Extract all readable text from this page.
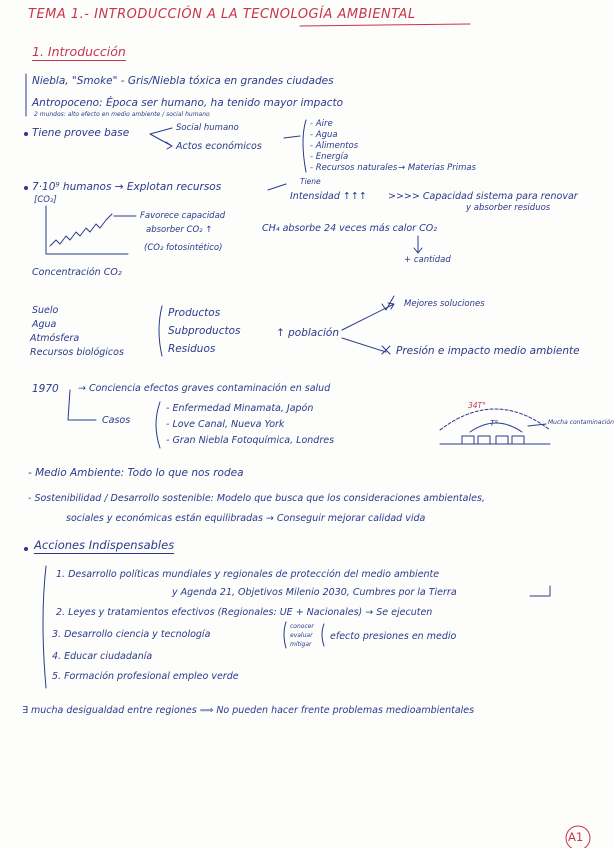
TEMA 1.- INTRODUCCIÓN A LA TECNOLOGÍA AMBIENTAL
1. Introducción
Niebla, "Smoke" - Gris/Niebla tóxica en grandes ciudades
Antropoceno: Época ser humano, ha tenido mayor impacto
2 mundos: alto efecto en medio ambiente / social humano
Tiene provee base	Social humano
Actos económicos
- Aire
- Agua
- Alimentos
- Energía
- Recursos naturales → Materias Primas
7·10⁹ humanos → Explotan recursos	Tiene
Intensidad ↑↑↑ >>>> Capacidad sistema para renovar
y absorber residuos
[CO₂]
Favorece capacidad
absorber CO₂ ↑
(CO₂ fotosintético)
Concentración CO₂
CH₄ absorbe 24 veces más calor CO₂
+ cantidad
Suelo
Agua
Atmósfera
Recursos biológicos
Productos
Subproductos
Residuos
↑ población
Mejores soluciones
Presión e impacto medio ambiente
1970 → Conciencia efectos graves contaminación en salud
Casos
- Enfermedad Minamata, Japón
- Love Canal, Nueva York
- Gran Niebla Fotoquímica, Londres
34T°
T°	Mucha contaminación
- Medio Ambiente: Todo lo que nos rodea
- Sostenibilidad / Desarrollo sostenible: Modelo que busca que los consideraciones ambientales,
sociales y económicas están equilibradas → Conseguir mejorar calidad vida
Acciones Indispensables
1. Desarrollo políticas mundiales y regionales de protección del medio ambiente
y Agenda 21, Objetivos Milenio 2030, Cumbres por la Tierra
2. Leyes y tratamientos efectivos (Regionales: UE + Nacionales) → Se ejecuten
3. Desarrollo ciencia y tecnología
conocer
evaluar
mitigar
efecto presiones en medio
4. Educar ciudadanía
5. Formación profesional empleo verde
∃ mucha desigualdad entre regiones ⟹ No pueden hacer frente problemas medioambientales
A1
